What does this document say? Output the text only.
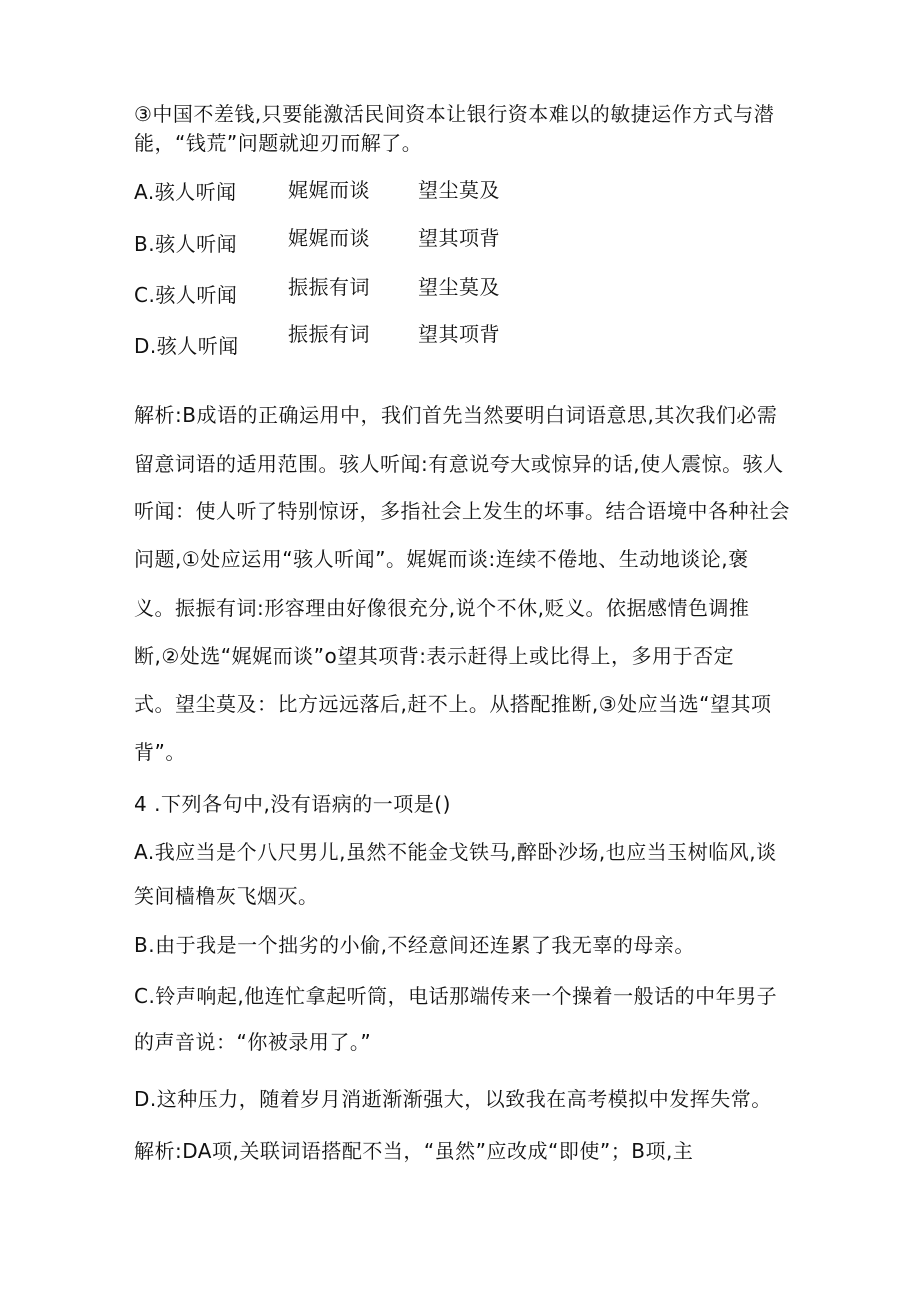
③中国不差钱,只要能激活民间资本让银行资本难以的敏捷运作方式与潜
能，“钱荒”问题就迎刃而解了。
A.骇人听闻	娓娓而谈 望尘莫及
B.骇人听闻	娓娓而谈 望其项背
C.骇人听闻	振振有词 望尘莫及
D.骇人听闻 振振有词 望其项背
解析:B成语的正确运用中，我们首先当然要明白词语意思,其次我们必需
留意词语的适用范围。骇人听闻:有意说夸大或惊异的话,使人震惊。骇人
听闻：使人听了特别惊讶，多指社会上发生的坏事。结合语境中各种社会
问题,①处应运用“骇人听闻”。娓娓而谈:连续不倦地、生动地谈论,褒
义。振振有词:形容理由好像很充分,说个不休,贬义。依据感情色调推
断,②处选“娓娓而谈”o望其项背:表示赶得上或比得上，多用于否定
式。望尘莫及：比方远远落后,赶不上。从搭配推断,③处应当选“望其项
背”。
4 .下列各句中,没有语病的一项是()
A.我应当是个八尺男儿,虽然不能金戈铁马,醉卧沙场,也应当玉树临风,谈
笑间樯橹灰飞烟灭。
B.由于我是一个拙劣的小偷,不经意间还连累了我无辜的母亲。
C.铃声响起,他连忙拿起听筒，电话那端传来一个操着一般话的中年男子
的声音说：“你被录用了。”
D.这种压力，随着岁月消逝渐渐强大，以致我在高考模拟中发挥失常。
解析:DA项,关联词语搭配不当，“虽然”应改成“即使”；B项,主
